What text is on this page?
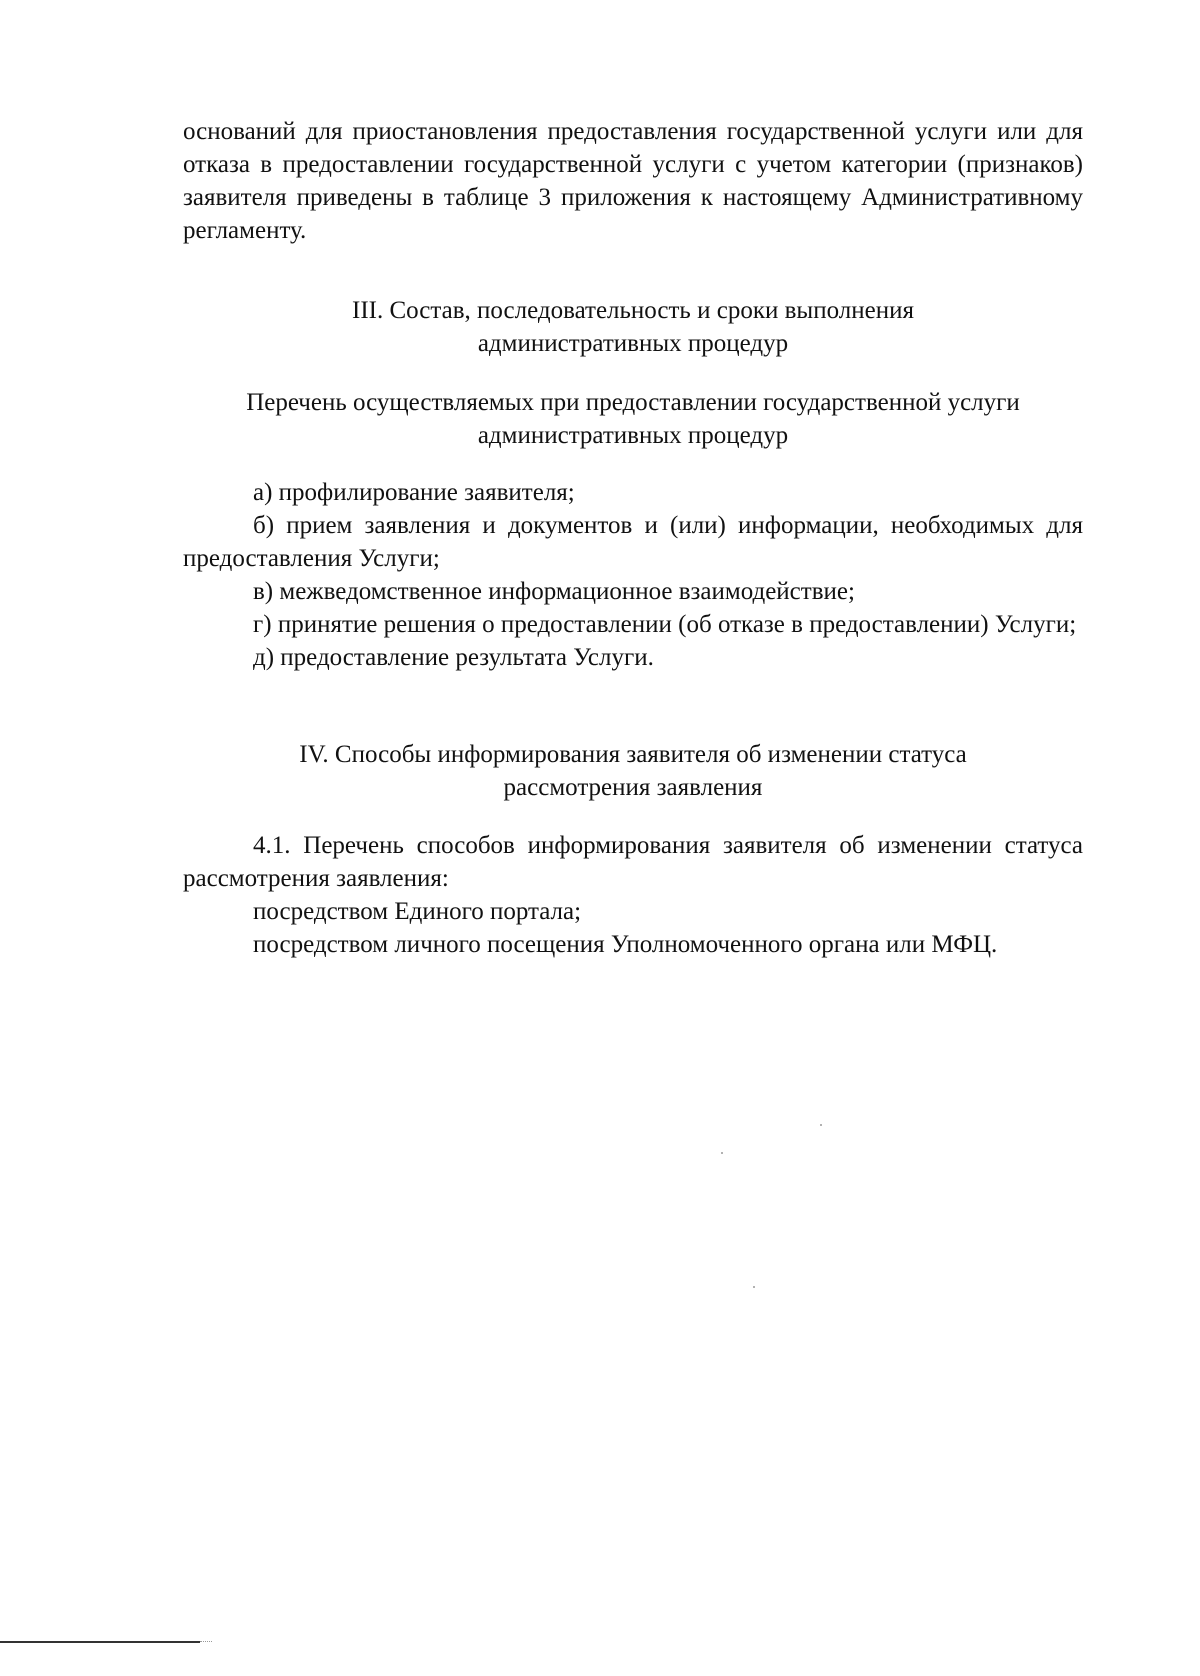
оснований для приостановления предоставления государственной услуги или для отказа в предоставлении государственной услуги с учетом категории (признаков) заявителя приведены в таблице 3 приложения к настоящему Административному регламенту.

III. Состав, последовательность и сроки выполнения

административных процедур

Перечень осуществляемых при предоставлении государственной услуги

административных процедур

а) профилирование заявителя;

б) прием заявления и документов и (или) информации, необходимых для предоставления Услуги;

в) межведомственное информационное взаимодействие;

г) принятие решения о предоставлении (об отказе в предоставлении) Услуги;

д) предоставление результата Услуги.

IV. Способы информирования заявителя об изменении статуса

рассмотрения заявления

4.1. Перечень способов информирования заявителя об изменении статуса рассмотрения заявления:

посредством Единого портала;

посредством личного посещения Уполномоченного органа или МФЦ.
